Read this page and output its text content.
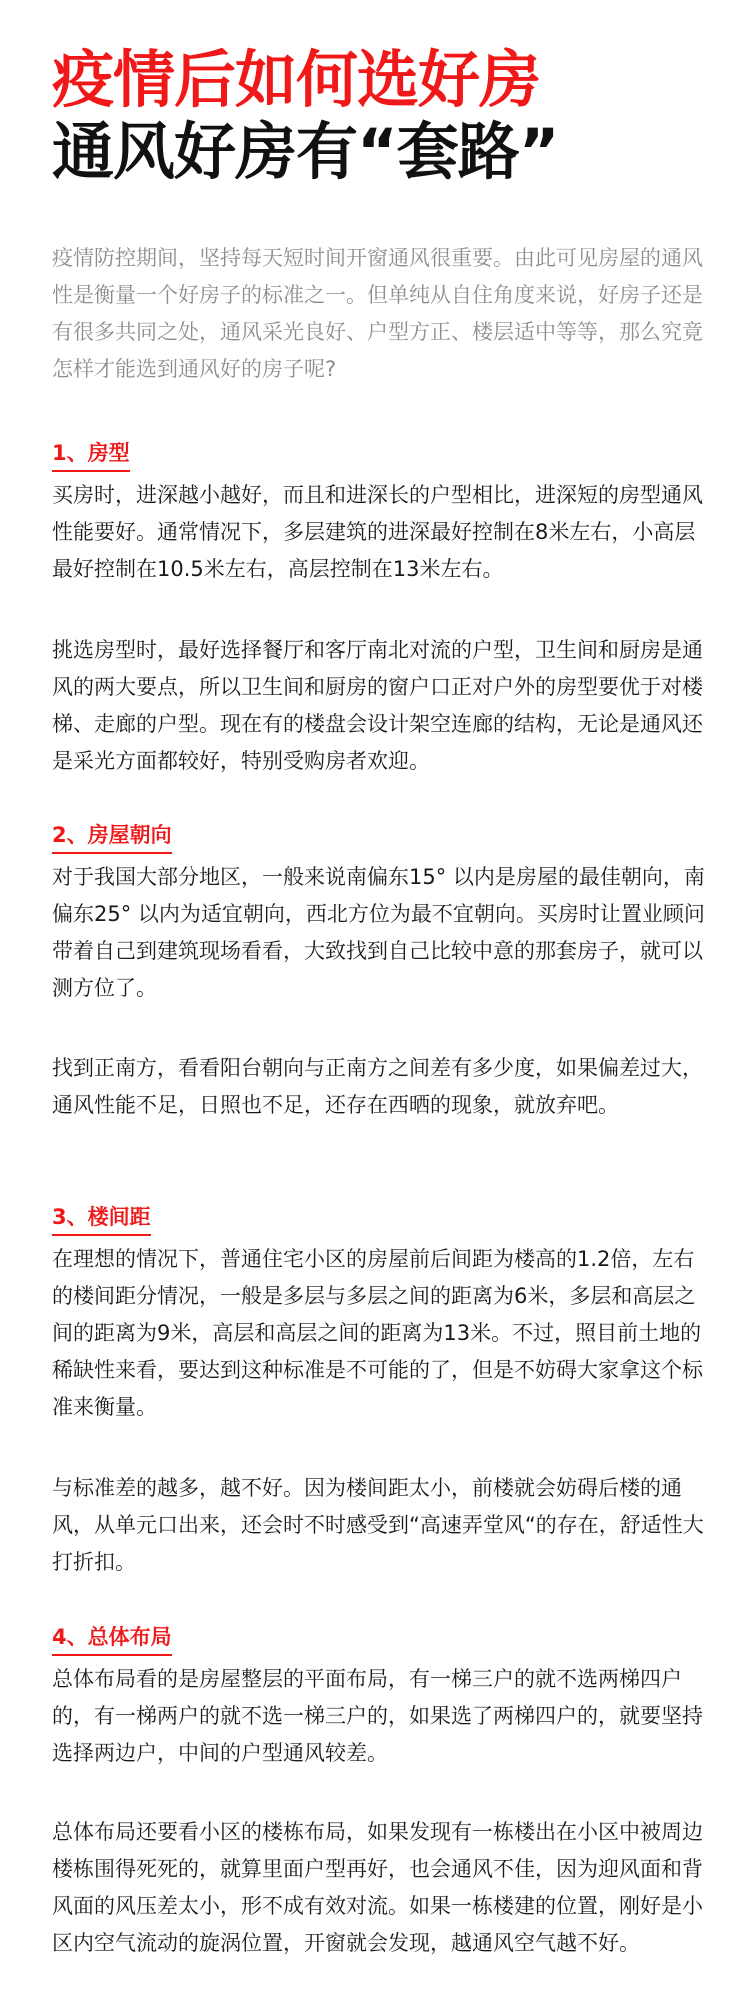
疫情后如何选好房
通风好房有“套路”
疫情防控期间，坚持每天短时间开窗通风很重要。由此可见房屋的通风性是衡量一个好房子的标准之一。但单纯从自住角度来说，好房子还是有很多共同之处，通风采光良好、户型方正、楼层适中等等，那么究竟怎样才能选到通风好的房子呢?
1、房型
买房时，进深越小越好，而且和进深长的户型相比，进深短的房型通风性能要好。通常情况下，多层建筑的进深最好控制在8米左右，小高层最好控制在10.5米左右，高层控制在13米左右。
挑选房型时，最好选择餐厅和客厅南北对流的户型，卫生间和厨房是通风的两大要点，所以卫生间和厨房的窗户口正对户外的房型要优于对楼梯、走廊的户型。现在有的楼盘会设计架空连廊的结构，无论是通风还是采光方面都较好，特别受购房者欢迎。
2、房屋朝向
对于我国大部分地区，一般来说南偏东15° 以内是房屋的最佳朝向，南偏东25° 以内为适宜朝向，西北方位为最不宜朝向。买房时让置业顾问带着自己到建筑现场看看，大致找到自己比较中意的那套房子，就可以测方位了。
找到正南方，看看阳台朝向与正南方之间差有多少度，如果偏差过大，通风性能不足，日照也不足，还存在西晒的现象，就放弃吧。
3、楼间距
在理想的情况下，普通住宅小区的房屋前后间距为楼高的1.2倍，左右的楼间距分情况，一般是多层与多层之间的距离为6米，多层和高层之间的距离为9米，高层和高层之间的距离为13米。不过，照目前土地的稀缺性来看，要达到这种标准是不可能的了，但是不妨碍大家拿这个标准来衡量。
与标准差的越多，越不好。因为楼间距太小，前楼就会妨碍后楼的通风，从单元口出来，还会时不时感受到“高速弄堂风“的存在，舒适性大打折扣。
4、总体布局
总体布局看的是房屋整层的平面布局，有一梯三户的就不选两梯四户的，有一梯两户的就不选一梯三户的，如果选了两梯四户的，就要坚持选择两边户，中间的户型通风较差。
总体布局还要看小区的楼栋布局，如果发现有一栋楼出在小区中被周边楼栋围得死死的，就算里面户型再好，也会通风不佳，因为迎风面和背风面的风压差太小，形不成有效对流。如果一栋楼建的位置，刚好是小区内空气流动的旋涡位置，开窗就会发现，越通风空气越不好。
